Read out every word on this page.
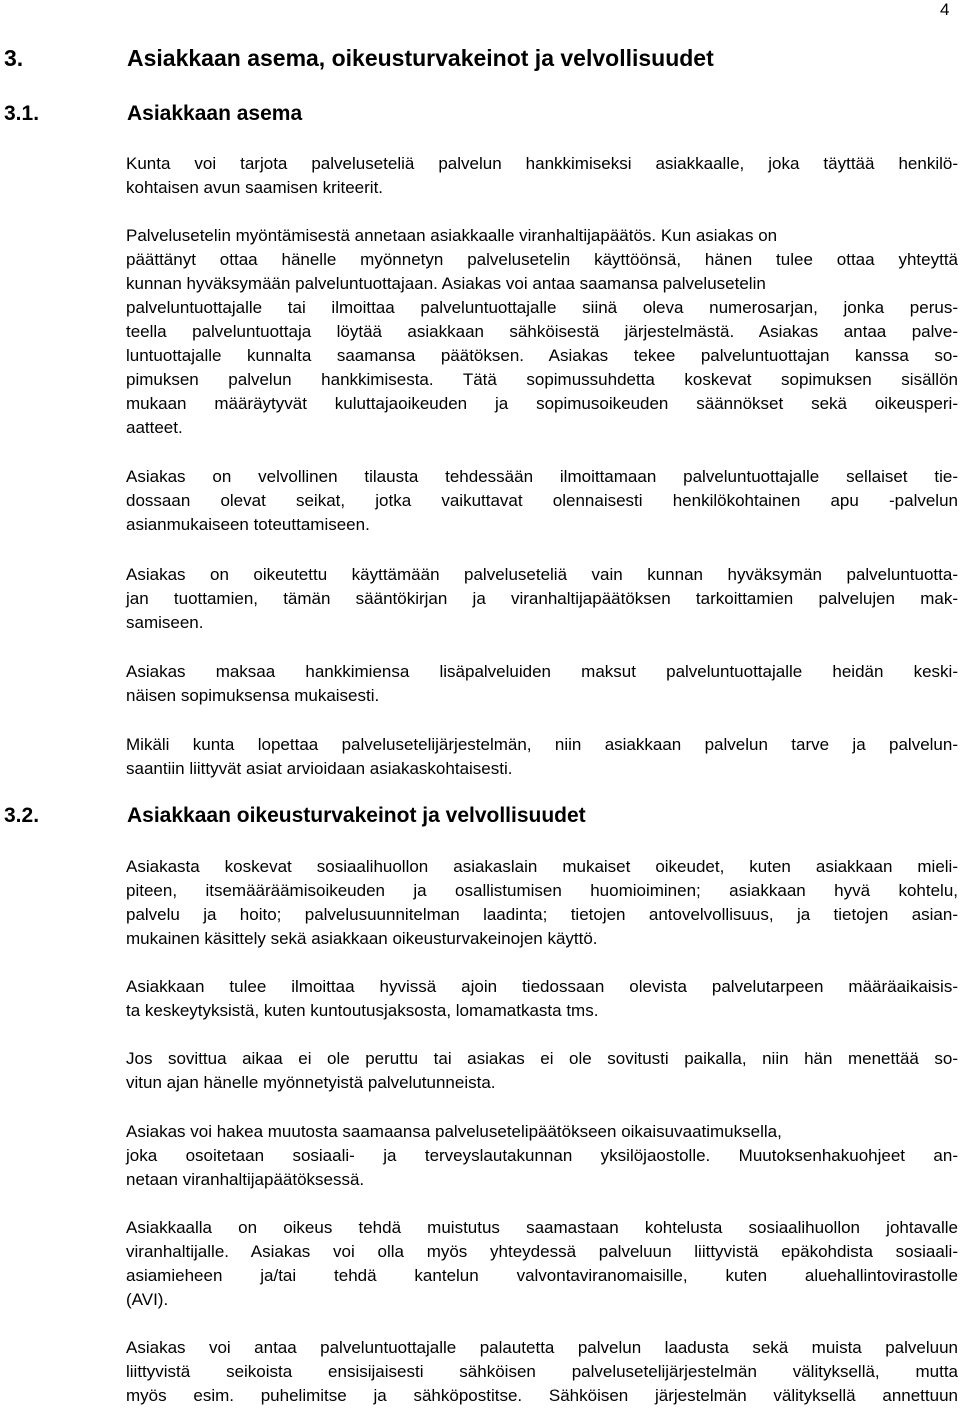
4
3.	Asiakkaan asema, oikeusturvakeinot ja velvollisuudet
3.1.	Asiakkaan asema
Kunta voi tarjota palveluseteliä palvelun hankkimiseksi asiakkaalle, joka täyttää henkilö-
kohtaisen avun saamisen kriteerit.
Palvelusetelin myöntämisestä annetaan asiakkaalle viranhaltijapäätös. Kun asiakas on
päättänyt ottaa hänelle myönnetyn palvelusetelin käyttöönsä, hänen tulee ottaa yhteyttä
kunnan hyväksymään palveluntuottajaan. Asiakas voi antaa saamansa palvelusetelin
palveluntuottajalle tai ilmoittaa palveluntuottajalle siinä oleva numerosarjan, jonka perus-
teella palveluntuottaja löytää asiakkaan sähköisestä järjestelmästä. Asiakas antaa palve-
luntuottajalle kunnalta saamansa päätöksen. Asiakas tekee palveluntuottajan kanssa so-
pimuksen palvelun hankkimisesta. Tätä sopimussuhdetta koskevat sopimuksen sisällön
mukaan määräytyvät kuluttajaoikeuden ja sopimusoikeuden säännökset sekä oikeusperi-
aatteet.
Asiakas on velvollinen tilausta tehdessään ilmoittamaan palveluntuottajalle sellaiset tie-
dossaan olevat seikat, jotka vaikuttavat olennaisesti henkilökohtainen apu -palvelun
asianmukaiseen toteuttamiseen.
Asiakas on oikeutettu käyttämään palveluseteliä vain kunnan hyväksymän palveluntuotta-
jan tuottamien, tämän sääntökirjan ja viranhaltijapäätöksen tarkoittamien palvelujen mak-
samiseen.
Asiakas maksaa hankkimiensa lisäpalveluiden maksut palveluntuottajalle heidän keski-
näisen sopimuksensa mukaisesti.
Mikäli kunta lopettaa palvelusetelijärjestelmän, niin asiakkaan palvelun tarve ja palvelun-
saantiin liittyvät asiat arvioidaan asiakaskohtaisesti.
3.2.	Asiakkaan oikeusturvakeinot ja velvollisuudet
Asiakasta koskevat sosiaalihuollon asiakaslain mukaiset oikeudet, kuten asiakkaan mieli-
piteen, itsemääräämisoikeuden ja osallistumisen huomioiminen; asiakkaan hyvä kohtelu,
palvelu ja hoito; palvelusuunnitelman laadinta; tietojen antovelvollisuus, ja tietojen asian-
mukainen käsittely sekä asiakkaan oikeusturvakeinojen käyttö.
Asiakkaan tulee ilmoittaa hyvissä ajoin tiedossaan olevista palvelutarpeen määräaikaisis-
ta keskeytyksistä, kuten kuntoutusjaksosta, lomamatkasta tms.
Jos sovittua aikaa ei ole peruttu tai asiakas ei ole sovitusti paikalla, niin hän menettää so-
vitun ajan hänelle myönnetyistä palvelutunneista.
Asiakas voi hakea muutosta saamaansa palvelusetelipäätökseen oikaisuvaatimuksella,
joka osoitetaan sosiaali- ja terveyslautakunnan yksilöjaostolle. Muutoksenhakuohjeet an-
netaan viranhaltijapäätöksessä.
Asiakkaalla on oikeus tehdä muistutus saamastaan kohtelusta sosiaalihuollon johtavalle
viranhaltijalle. Asiakas voi olla myös yhteydessä palveluun liittyvistä epäkohdista sosiaali-
asiamieheen ja/tai tehdä kantelun valvontaviranomaisille, kuten aluehallintovirastolle
(AVI).
Asiakas voi antaa palveluntuottajalle palautetta palvelun laadusta sekä muista palveluun
liittyvistä seikoista ensisijaisesti sähköisen palvelusetelijärjestelmän välityksellä, mutta
myös esim. puhelimitse ja sähköpostitse. Sähköisen järjestelmän välityksellä annettuun
